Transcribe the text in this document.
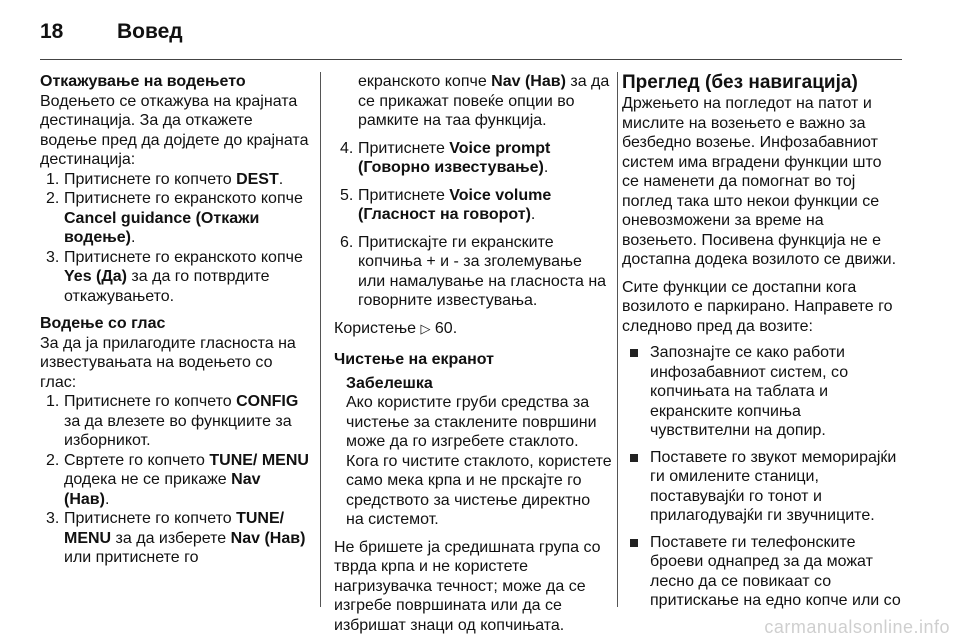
18	Вовед

Откажување на водењето

Водењето се откажува на крајната дестинација. За да откажете водење пред да дојдете до крајната дестинација:

1. Притиснете го копчето DEST.
2. Притиснете го екранското копче Cancel guidance (Откажи водење).
3. Притиснете го екранското копче Yes (Да) за да го потврдите откажувањето.

Водење со глас

За да ја прилагодите гласноста на известувањата на водењето со глас:

1. Притиснете го копчето CONFIG за да влезете во функциите за изборникот.
2. Свртете го копчето TUNE/ MENU додека не се прикаже Nav (Нав).
3. Притиснете го копчето TUNE/ MENU за да изберете Nav (Нав) или притиснете го
екранското копче Nav (Нав) за да се прикажат повеќе опции во рамките на таа функција.
4. Притиснете Voice prompt (Говорно известување).
5. Притиснете Voice volume (Гласност на говорот).
6. Притискајте ги екранските копчиња + и - за зголемување или намалување на гласноста на говорните известувања.

Користење ▷ 60.

Чистење на екранот

Забелешка

Ако користите груби средства за чистење за стаклените површини може да го изгребете стаклото. Кога го чистите стаклото, користете само мека крпа и не прскајте го средството за чистење директно на системот.

Не бришете ја средишната група со тврда крпа и не користете нагризувачка течност; може да се изгребе површината или да се избришат знаци од копчињата.

Преглед (без навигација)

Држењето на погледот на патот и мислите на возењето е важно за безбедно возење. Инфозабавниот систем има вградени функции што се наменети да помогнат во тој поглед така што некои функции се оневозможени за време на возењето. Посивена функција не е достапна додека возилото се движи.

Сите функции се достапни кога возилото е паркирано. Направете го следново пред да возите:

Запознајте се како работи инфозабавниот систем, со копчињата на таблата и екранските копчиња чувствителни на допир.
Поставете го звукот меморирајќи ги омилените станици, поставувајќи го тонот и прилагодувајќи ги звучниците.
Поставете ги телефонските броеви однапред за да можат лесно да се повикаат со притискање на едно копче или со
carmanualsonline.info
